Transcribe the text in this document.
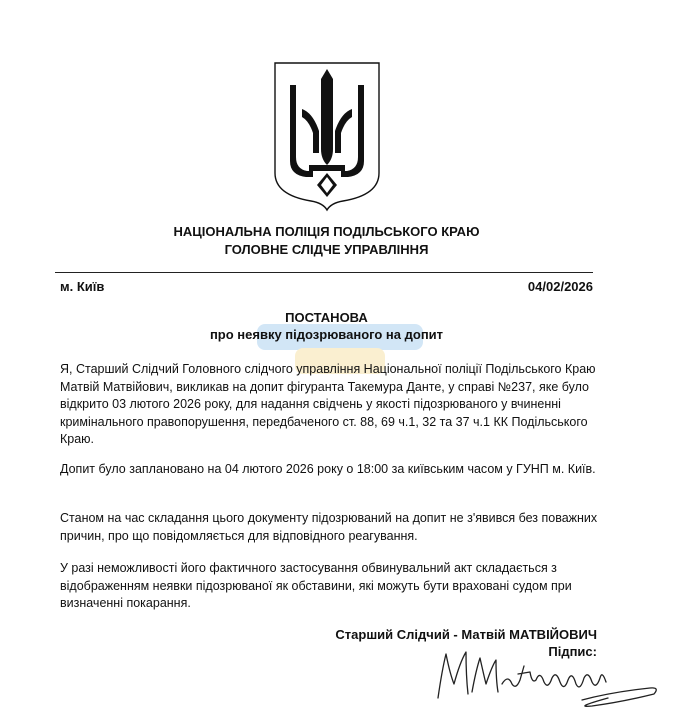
НАЦІОНАЛЬНА ПОЛІЦІЯ ПОДІЛЬСЬКОГО КРАЮ
ГОЛОВНЕ СЛІДЧЕ УПРАВЛІННЯ
м. Київ	04/02/2026
ПОСТАНОВА
про неявку підозрюваного на допит
Я, Старший Слідчий Головного слідчого управління Національної поліції Подільського Краю Матвій Матвійович, викликав на допит фігуранта Такемура Данте, у справі №237, яке було відкрито 03 лютого 2026 року, для надання свідчень у якості підозрюваного у вчиненні кримінального правопорушення, передбаченого ст. 88, 69 ч.1, 32 та 37 ч.1 КК Подільського Краю.
Допит було заплановано на 04 лютого 2026 року о 18:00 за київським часом у ГУНП м. Київ.
Станом на час складання цього документу підозрюваний на допит не з'явився без поважних причин, про що повідомляється для відповідного реагування.
У разі неможливості його фактичного застосування обвинувальний акт складається з відображенням неявки підозрюваної як обставини, які можуть бути враховані судом при визначенні покарання.
Старший Слідчий - Матвій МАТВІЙОВИЧ
Підпис:
